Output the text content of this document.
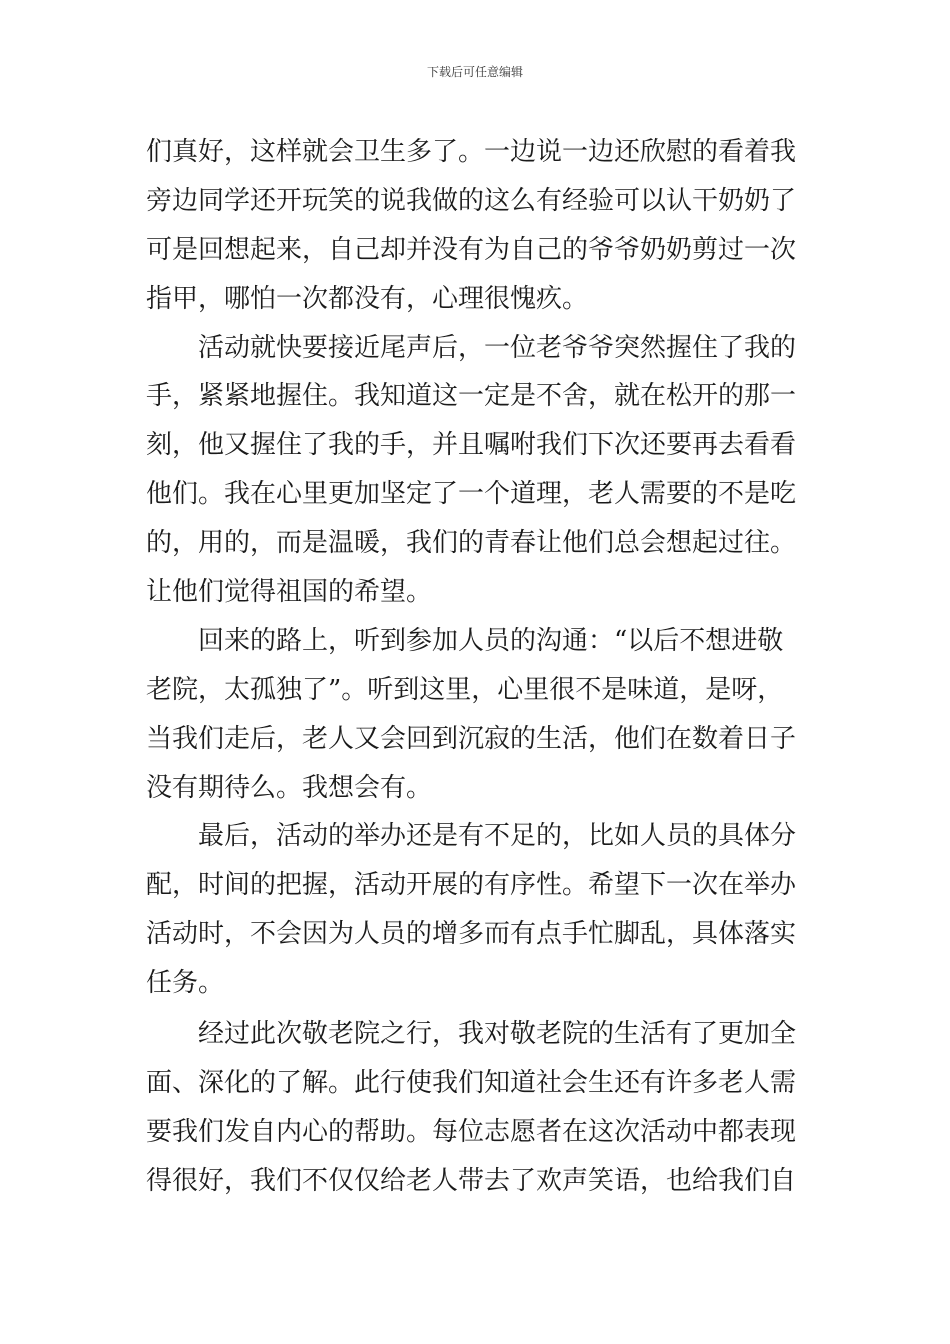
下载后可任意编辑
们真好，这样就会卫生多了。一边说一边还欣慰的看着我
旁边同学还开玩笑的说我做的这么有经验可以认干奶奶了
可是回想起来，自己却并没有为自己的爷爷奶奶剪过一次
指甲，哪怕一次都没有，心理很愧疚。
活动就快要接近尾声后，一位老爷爷突然握住了我的
手，紧紧地握住。我知道这一定是不舍，就在松开的那一
刻，他又握住了我的手，并且嘱咐我们下次还要再去看看
他们。我在心里更加坚定了一个道理，老人需要的不是吃
的，用的，而是温暖，我们的青春让他们总会想起过往。
让他们觉得祖国的希望。
回来的路上，听到参加人员的沟通：“以后不想进敬
老院，太孤独了”。听到这里，心里很不是味道，是呀，
当我们走后，老人又会回到沉寂的生活，他们在数着日子
没有期待么。我想会有。
最后，活动的举办还是有不足的，比如人员的具体分
配，时间的把握，活动开展的有序性。希望下一次在举办
活动时，不会因为人员的增多而有点手忙脚乱，具体落实
任务。
经过此次敬老院之行，我对敬老院的生活有了更加全
面、深化的了解。此行使我们知道社会生还有许多老人需
要我们发自内心的帮助。每位志愿者在这次活动中都表现
得很好，我们不仅仅给老人带去了欢声笑语，也给我们自
